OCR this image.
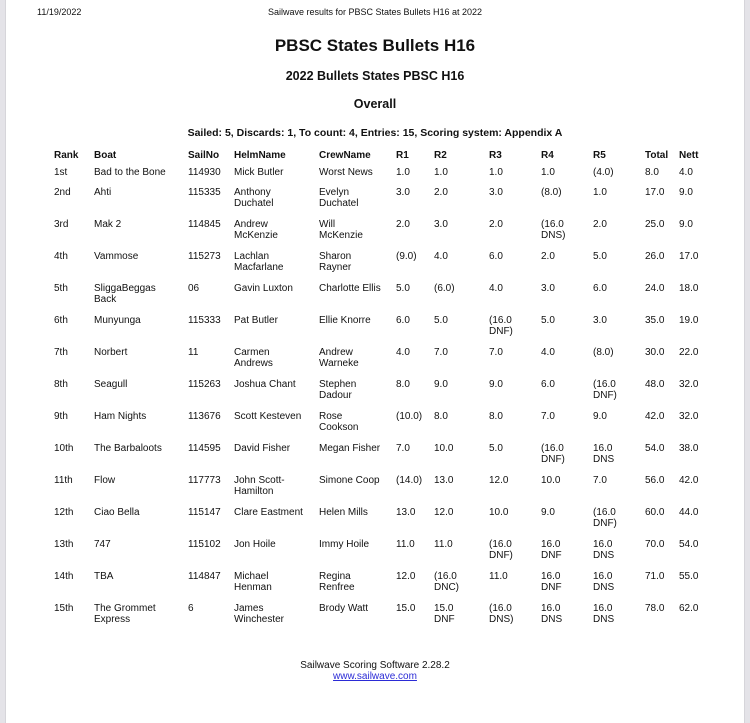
11/19/2022	Sailwave results for PBSC States Bullets H16 at 2022
PBSC States Bullets H16
2022 Bullets States PBSC H16
Overall
Sailed: 5, Discards: 1, To count: 4, Entries: 15, Scoring system: Appendix A
Rank	Boat	SailNo	HelmName	CrewName	R1	R2	R3	R4	R5	Total	Nett

1st	Bad to the Bone	114930	Mick Butler	Worst News	1.0	1.0	1.0	1.0	(4.0)	8.0	4.0

2nd	Ahti	115335	Anthony
Duchatel	Evelyn
Duchatel	3.0	2.0	3.0	(8.0)	1.0	17.0	9.0

3rd	Mak 2	114845	Andrew
McKenzie	Will
McKenzie	2.0	3.0	2.0	(16.0
DNS)	2.0	25.0	9.0

4th	Vammose	115273	Lachlan
Macfarlane	Sharon
Rayner	(9.0)	4.0	6.0	2.0	5.0	26.0	17.0

5th	SliggaBeggas
Back	06	Gavin Luxton	Charlotte Ellis	5.0	(6.0)	4.0	3.0	6.0	24.0	18.0

6th	Munyunga	115333	Pat Butler	Ellie Knorre	6.0	5.0	(16.0
DNF)	5.0	3.0	35.0	19.0

7th	Norbert	11	Carmen
Andrews	Andrew
Warneke	4.0	7.0	7.0	4.0	(8.0)	30.0	22.0

8th	Seagull	115263	Joshua Chant	Stephen
Dadour	8.0	9.0	9.0	6.0	(16.0
DNF)	48.0	32.0

9th	Ham Nights	113676	Scott Kesteven	Rose
Cookson	(10.0)	8.0	8.0	7.0	9.0	42.0	32.0

10th	The Barbaloots	114595	David Fisher	Megan Fisher	7.0	10.0	5.0	(16.0
DNF)	16.0
DNS	54.0	38.0

11th	Flow	117773	John Scott-
Hamilton	Simone Coop	(14.0)	13.0	12.0	10.0	7.0	56.0	42.0

12th	Ciao Bella	115147	Clare Eastment	Helen Mills	13.0	12.0	10.0	9.0	(16.0
DNF)	60.0	44.0

13th	747	115102	Jon Hoile	Immy Hoile	11.0	11.0	(16.0
DNF)	16.0
DNF	16.0
DNS	70.0	54.0

14th	TBA	114847	Michael
Henman	Regina
Renfree	12.0	(16.0
DNC)	11.0	16.0
DNF	16.0
DNS	71.0	55.0

15th	The Grommet
Express	6	James
Winchester	Brody Watt	15.0	15.0
DNF	(16.0
DNS)	16.0
DNS	16.0
DNS	78.0	62.0
Sailwave Scoring Software 2.28.2
www.sailwave.com
